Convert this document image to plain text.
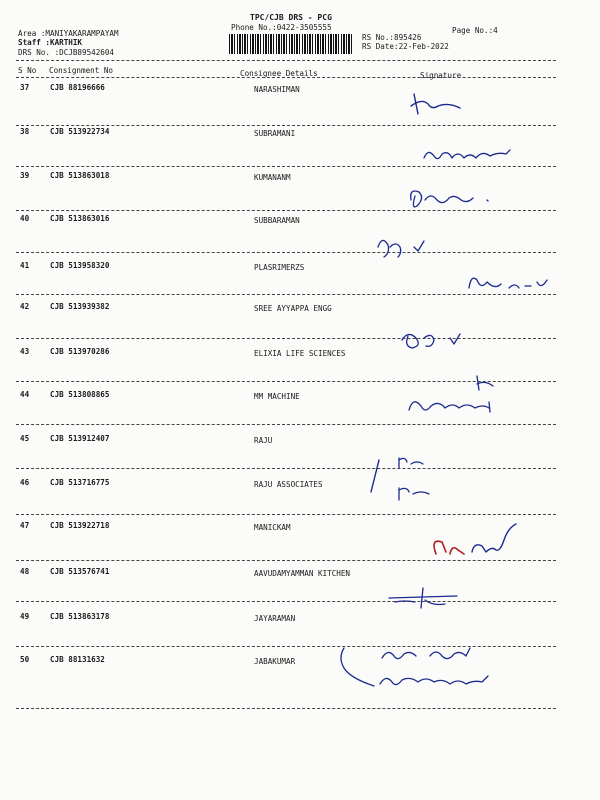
TPC/CJB DRS - PCG
Phone No.:0422-3505555
Area :MANIYAKARAMPAYAM
Staff :KARTHIK
DRS No. :DCJB89542604
RS No.:895426
RS Date:22-Feb-2022
Page No.:4
S No Consignment No	Consignee Details	Signature
37	CJB 88196666	NARASHIMAN
38	CJB 513922734	SUBRAMANI
39	CJB 513863018	KUMANANM
40	CJB 513863016	SUBBARAMAN
41	CJB 513958320	PLASRIMERZS
42	CJB 513939382	SREE AYYAPPA ENGG
43	CJB 513970286	ELIXIA LIFE SCIENCES
44	CJB 513808865	MM MACHINE
45	CJB 513912407	RAJU
46	CJB 513716775	RAJU ASSOCIATES
47	CJB 513922718	MANICKAM
48	CJB 513576741	AAVUDAMYAMMAN KITCHEN
49	CJB 513863178	JAYARAMAN
50	CJB 88131632	JABAKUMAR
